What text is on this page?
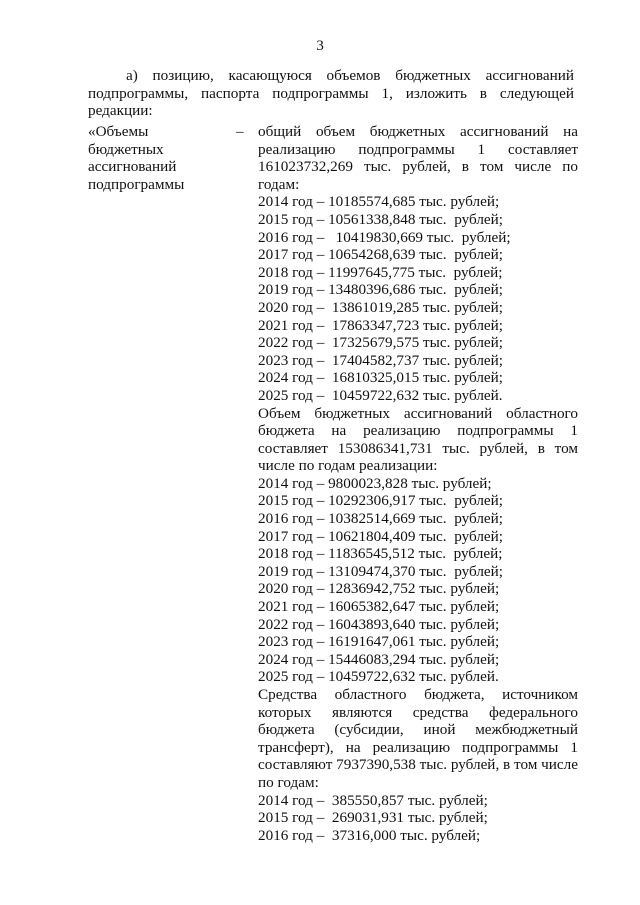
3

а) позицию, касающуюся объемов бюджетных ассигнований

подпрограммы, паспорта подпрограммы 1, изложить в следующей

редакции:

«Объемы
бюджетных
ассигнований
подпрограммы
– общий объем бюджетных ассигнований на

реализацию подпрограммы 1 составляет

161023732,269 тыс. рублей, в том числе по

годам:
2014 год – 10185574,685 тыс. рублей;
2015 год – 10561338,848 тыс.  рублей;
2016 год –   10419830,669 тыс.  рублей;
2017 год – 10654268,639 тыс.  рублей;
2018 год – 11997645,775 тыс.  рублей;
2019 год – 13480396,686 тыс.  рублей;
2020 год –  13861019,285 тыс. рублей;
2021 год –  17863347,723 тыс. рублей;
2022 год –  17325679,575 тыс. рублей;
2023 год –  17404582,737 тыс. рублей;
2024 год –  16810325,015 тыс. рублей;
2025 год –  10459722,632 тыс. рублей.

Объем бюджетных ассигнований областного

бюджета на реализацию подпрограммы 1

составляет 153086341,731 тыс. рублей, в том

числе по годам реализации:
2014 год – 9800023,828 тыс. рублей;
2015 год – 10292306,917 тыс.  рублей;
2016 год – 10382514,669 тыс.  рублей;
2017 год – 10621804,409 тыс.  рублей;
2018 год – 11836545,512 тыс.  рублей;
2019 год – 13109474,370 тыс.  рублей;
2020 год – 12836942,752 тыс. рублей;
2021 год – 16065382,647 тыс. рублей;
2022 год – 16043893,640 тыс. рублей;
2023 год – 16191647,061 тыс. рублей;
2024 год – 15446083,294 тыс. рублей;
2025 год – 10459722,632 тыс. рублей.

Средства областного бюджета, источником

которых являются средства федерального

бюджета (субсидии, иной межбюджетный

трансферт), на реализацию подпрограммы 1

составляют 7937390,538 тыс. рублей, в том числе

по годам:
2014 год –  385550,857 тыс. рублей;
2015 год –  269031,931 тыс. рублей;
2016 год –  37316,000 тыс. рублей;
